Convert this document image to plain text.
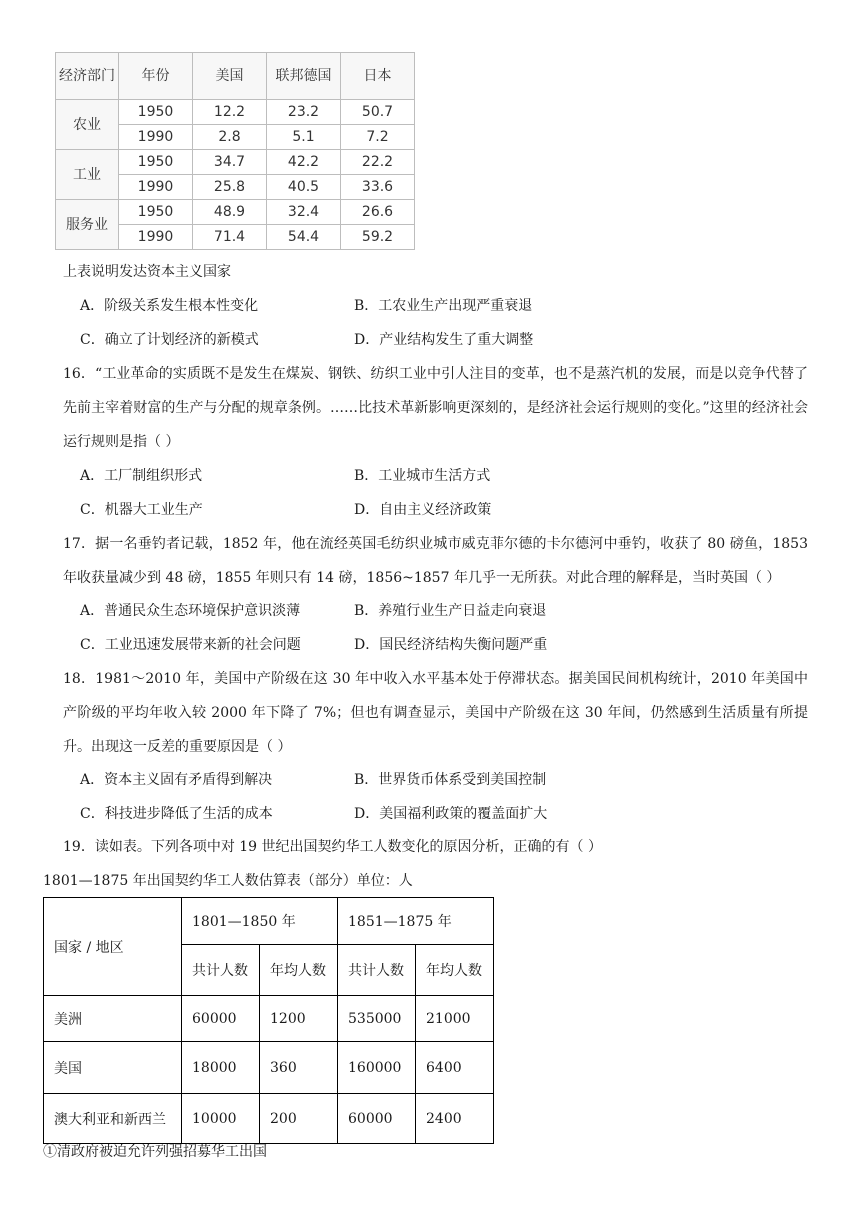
经济部门	年份	美国	联邦德国	日本
农业	1950	12.2	23.2	50.7
	1990	2.8	5.1	7.2
工业	1950	34.7	42.2	22.2
	1990	25.8	40.5	33.6
服务业	1950	48.9	32.4	26.6
	1990	71.4	54.4	59.2
上表说明发达资本主义国家
A．阶级关系发生根本性变化	B．工农业生产出现严重衰退
C．确立了计划经济的新模式	D．产业结构发生了重大调整
16．“工业革命的实质既不是发生在煤炭、钢铁、纺织工业中引人注目的变革，也不是蒸汽机的发展，而是以竞争代替了先前主宰着财富的生产与分配的规章条例。……比技术革新影响更深刻的，是经济社会运行规则的变化。”这里的经济社会运行规则是指（ ）
A．工厂制组织形式	B．工业城市生活方式
C．机器大工业生产	D．自由主义经济政策
17．据一名垂钓者记载，1852 年，他在流经英国毛纺织业城市威克菲尔德的卡尔德河中垂钓，收获了 80 磅鱼，1853年收获量减少到 48 磅，1855 年则只有 14 磅，1856~1857 年几乎一无所获。对此合理的解释是，当时英国（ ）
A．普通民众生态环境保护意识淡薄	B．养殖行业生产日益走向衰退
C．工业迅速发展带来新的社会问题	D．国民经济结构失衡问题严重
18．1981～2010 年，美国中产阶级在这 30 年中收入水平基本处于停滞状态。据美国民间机构统计，2010 年美国中产阶级的平均年收入较 2000 年下降了 7%；但也有调查显示，美国中产阶级在这 30 年间，仍然感到生活质量有所提升。出现这一反差的重要原因是（ ）
A．资本主义固有矛盾得到解决	B．世界货币体系受到美国控制
C．科技进步降低了生活的成本	D．美国福利政策的覆盖面扩大
19．读如表。下列各项中对 19 世纪出国契约华工人数变化的原因分析，正确的有（ ）
1801—1875 年出国契约华工人数估算表（部分）单位：人
国家 / 地区	1801—1850 年		1851—1875 年	
	共计人数	年均人数	共计人数	年均人数
美洲	60000	1200	535000	21000
美国	18000	360	160000	6400
澳大利亚和新西兰	10000	200	60000	2400
①清政府被迫允许列强招募华工出国
